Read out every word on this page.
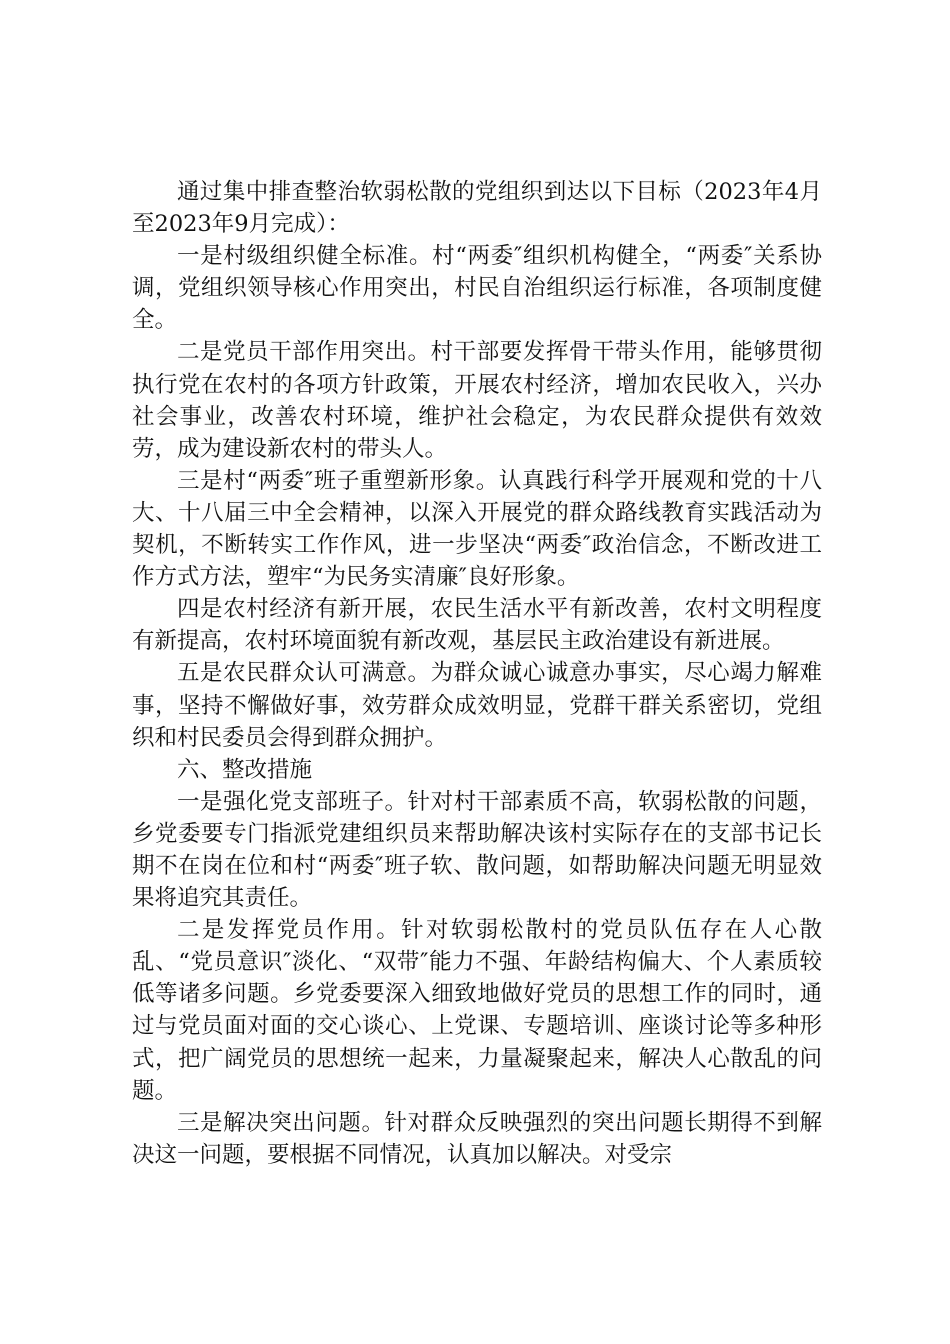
通过集中排查整治软弱松散的党组织到达以下目标（2023年4月至2023年9月完成）：

一是村级组织健全标准。村“两委″组织机构健全，“两委″关系协调，党组织领导核心作用突出，村民自治组织运行标准，各项制度健全。

二是党员干部作用突出。村干部要发挥骨干带头作用，能够贯彻执行党在农村的各项方针政策，开展农村经济，增加农民收入，兴办社会事业，改善农村环境，维护社会稳定，为农民群众提供有效效劳，成为建设新农村的带头人。

三是村“两委″班子重塑新形象。认真践行科学开展观和党的十八大、十八届三中全会精神，以深入开展党的群众路线教育实践活动为契机，不断转实工作作风，进一步坚决“两委″政治信念，不断改进工作方式方法，塑牢“为民务实清廉″良好形象。

四是农村经济有新开展，农民生活水平有新改善，农村文明程度有新提高，农村环境面貌有新改观，基层民主政治建设有新进展。

五是农民群众认可满意。为群众诚心诚意办事实，尽心竭力解难事，坚持不懈做好事，效劳群众成效明显，党群干群关系密切，党组织和村民委员会得到群众拥护。

六、整改措施

一是强化党支部班子。针对村干部素质不高，软弱松散的问题，乡党委要专门指派党建组织员来帮助解决该村实际存在的支部书记长期不在岗在位和村“两委″班子软、散问题，如帮助解决问题无明显效果将追究其责任。

二是发挥党员作用。针对软弱松散村的党员队伍存在人心散乱、“党员意识″淡化、“双带″能力不强、年龄结构偏大、个人素质较低等诸多问题。乡党委要深入细致地做好党员的思想工作的同时，通过与党员面对面的交心谈心、上党课、专题培训、座谈讨论等多种形式，把广阔党员的思想统一起来，力量凝聚起来，解决人心散乱的问题。

三是解决突出问题。针对群众反映强烈的突出问题长期得不到解决这一问题，要根据不同情况，认真加以解决。对受宗
